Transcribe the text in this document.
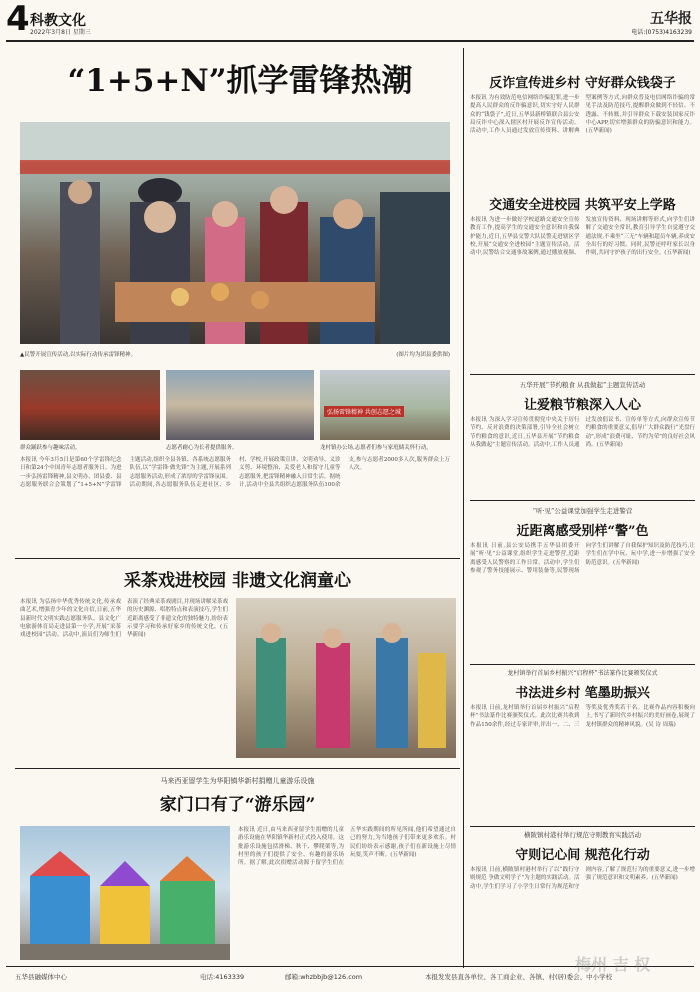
4 科教文化
2022年3月8日 星期三
五华报
电话:(0753)4163239
“1+5+N”抓学雷锋热潮
▲民警开展宣传活动,以实际行动传承雷锋精神。	(图片均为团县委供图)
弘扬雷锋精神 共创志愿之城
群众踊跃参与趣味活动。	志愿者耐心为长者提供服务。	龙村镇办公场,志愿者们参与家庭储关怀行动。
本报讯 今年3月5日是第60个学雷锋纪念日和第24个中国青年志愿者服务日。为进一步弘扬雷锋精神,县文明办、团县委、县志愿服务联合会策划了“1+5+N”学雷锋主题活动,组织全县各镇、各系统志愿服务队伍,以“学雷锋·做先锋”为主题,开展系列志愿服务活动,形成了浓厚的学雷锋氛围。活动期间,各志愿服务队伍走进社区、乡村、学校,开展政策宣讲、文明劝导、义诊义剪、环境整治、关爱老人和留守儿童等志愿服务,把雷锋精神融入日常生活。据统计,活动中全县共组织志愿服务队伍100余支,参与志愿者2000多人次,服务群众上万人次。
反诈宣传进乡村 守好群众钱袋子
本报讯 为有效防范电信网络诈骗犯罪,进一步提高人民群众的反诈骗意识,切实守好人民群众的“钱袋子”,近日,五华县新桥镇联合县公安局反诈中心深入辖区村开展反诈宣传活动。活动中,工作人员通过发放宣传资料、讲解典型案例等方式,向群众普及电信网络诈骗的常见手法及防范技巧,提醒群众做到不轻信、不透露、不转账,并引导群众下载安装国家反诈中心APP,切实增强群众的防骗意识和能力。(五华新闻)
交通安全进校园 共筑平安上学路
本报讯 为进一步做好学校道路交通安全宣传教育工作,提高学生的交通安全意识和自我保护能力,近日,五华县交警大队民警走进辖区学校,开展“交通安全进校园”主题宣传活动。活动中,民警结合交通事故案例,通过播放视频、发放宣传资料、现场讲解等形式,向学生们讲解了交通安全常识,教育引导学生自觉遵守交通法规,不乘坐“三无”车辆和超员车辆,养成安全出行的好习惯。同时,民警还呼吁家长以身作则,共同守护孩子的出行安全。(五华新闻)
五华开展“节约粮食 从我做起”主题宣传活动
让爱粮节粮深入人心
本报讯 为深入学习宣传贯彻党中央关于厉行节约、反对浪费的决策部署,引导全社会树立节约粮食的意识,近日,五华县开展“节约粮食 从我做起”主题宣传活动。活动中,工作人员通过发放倡议书、宣传单等方式,向群众宣传节约粮食的重要意义,倡导广大群众践行“光盘行动”,形成“浪费可耻、节约为荣”的良好社会风尚。(五华新闻)
“听·见”公益课堂加强学生走进警营
近距离感受别样“警”色
本报讯 日前,县公安局携手五华县团委开展“听·见”公益课堂,组织学生走进警营,近距离感受人民警察的工作日常。活动中,学生们参观了警务技能展示、警用装备等,民警现场向学生们讲解了自我保护知识及防范技巧,让学生们在学中玩、玩中学,进一步增强了安全防范意识。(五华新闻)
龙村镇举行首届乡村振兴“启程杯”书法篆作比赛颁奖仪式
书法进乡村 笔墨助振兴
本报讯 日前,龙村镇举行首届乡村振兴“启程杯”书法篆作比赛颁奖仪式。此次比赛共收到作品150余件,经过专家评审,评出一、二、三等奖及优秀奖若干名。比赛作品内容积极向上,书写了新时代乡村振兴的美好画卷,展现了龙村镇群众的精神风貌。(吴 诗 周瑞)
横陂镇村港村举行规范守则教育实践活动
守则记心间 规范化行动
本报讯 日前,横陂镇村港村举行了以“践行守则规范 争做文明学子”为主题的实践活动。活动中,学生们学习了小学生日常行为规范和守则内容,了解了规范行为的重要意义,进一步增强了规范意识和文明素养。(五华新闻)
采茶戏进校园 非遗文化润童心
本报讯 为弘扬中华优秀传统文化,传承戏曲艺术,增强青少年的文化自信,日前,五华县新时代文明实践志愿服务队、县文化广电旅游体育局走进县第一小学,开展“采茶戏进校园”活动。活动中,演员们为师生们表演了经典采茶戏剧目,并现场讲解采茶戏的历史渊源、唱腔特点和表演技巧,学生们近距离感受了非遗文化的独特魅力,纷纷表示要学习和传承好家乡的传统文化。(五华新闻)
马来西亚留学生为华阳镇华新村捐赠儿童游乐设施
家门口有了“游乐园”
本报讯 近日,由马来西亚留学生捐赠的儿童游乐设施在华阳镇华新村正式投入使用。这批游乐设施包括滑梯、秋千、攀爬架等,为村里的孩子们提供了安全、有趣的游乐场所。据了解,此次捐赠活动源于留学生们在五华实践期间的所见所闻,他们希望通过自己的努力,为当地孩子们带来更多欢乐。村民们纷纷表示感谢,孩子们在新设施上尽情玩耍,笑声不断。(五华新闻)
五华县融媒体中心	电话:4163339	邮箱:whzbbjb@126.com	本报发发县直各单位、各工商企业、各镇、村(居)委会、中小学校
梅州 吉 权
